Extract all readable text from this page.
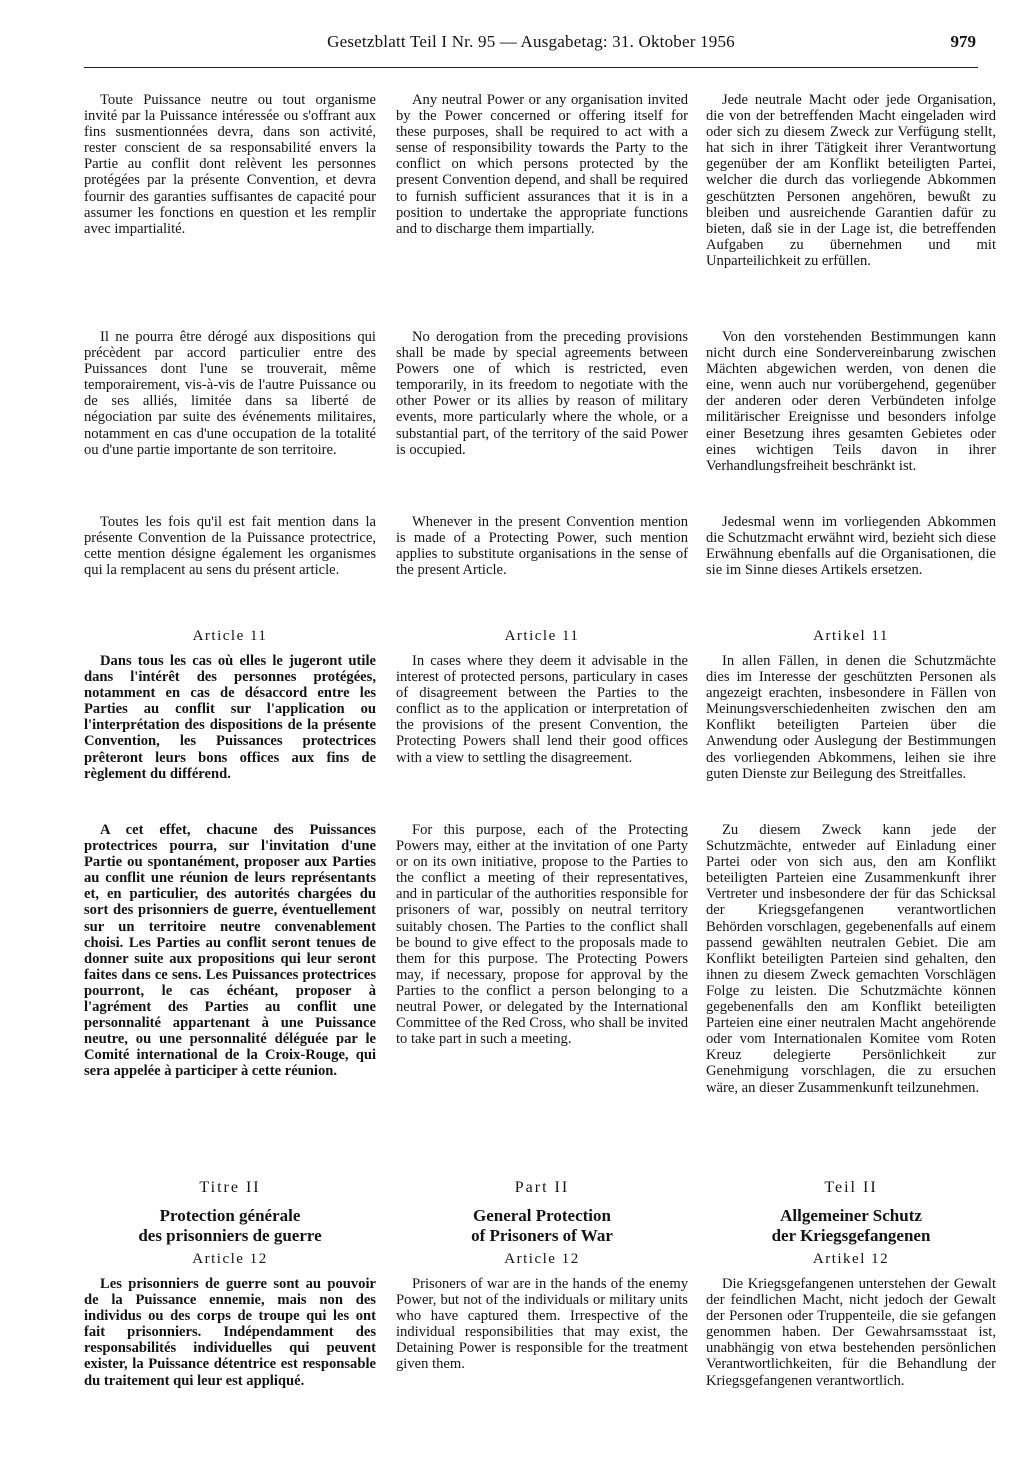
Gesetzblatt Teil I Nr. 95 — Ausgabetag: 31. Oktober 1956	979
Toute Puissance neutre ou tout organisme invité par la Puissance intéressée ou s'offrant aux fins susmentionnées devra, dans son activité, rester conscient de sa responsabilité envers la Partie au conflit dont relèvent les personnes protégées par la présente Convention, et devra fournir des garanties suffisantes de capacité pour assumer les fonctions en question et les remplir avec impartialité.
Il ne pourra être dérogé aux dispositions qui précèdent par accord particulier entre des Puissances dont l'une se trouverait, même temporairement, vis-à-vis de l'autre Puissance ou de ses alliés, limitée dans sa liberté de négociation par suite des événements militaires, notamment en cas d'une occupation de la totalité ou d'une partie importante de son territoire.
Toutes les fois qu'il est fait mention dans la présente Convention de la Puissance protectrice, cette mention désigne également les organismes qui la remplacent au sens du présent article.
Article 11
Dans tous les cas où elles le jugeront utile dans l'intérêt des personnes protégées, notamment en cas de désaccord entre les Parties au conflit sur l'application ou l'interprétation des dispositions de la présente Convention, les Puissances protectrices prêteront leurs bons offices aux fins de règlement du différend.
A cet effet, chacune des Puissances protectrices pourra, sur l'invitation d'une Partie ou spontanément, proposer aux Parties au conflit une réunion de leurs représentants et, en particulier, des autorités chargées du sort des prisonniers de guerre, éventuellement sur un territoire neutre convenablement choisi. Les Parties au conflit seront tenues de donner suite aux propositions qui leur seront faites dans ce sens. Les Puissances protectrices pourront, le cas échéant, proposer à l'agrément des Parties au conflit une personnalité appartenant à une Puissance neutre, ou une personnalité déléguée par le Comité international de la Croix-Rouge, qui sera appelée à participer à cette réunion.
Titre II
Protection générale
des prisonniers de guerre
Article 12
Les prisonniers de guerre sont au pouvoir de la Puissance ennemie, mais non des individus ou des corps de troupe qui les ont fait prisonniers. Indépendamment des responsabilités individuelles qui peuvent exister, la Puissance détentrice est responsable du traitement qui leur est appliqué.
Any neutral Power or any organisation invited by the Power concerned or offering itself for these purposes, shall be required to act with a sense of responsibility towards the Party to the conflict on which persons protected by the present Convention depend, and shall be required to furnish sufficient assurances that it is in a position to undertake the appropriate functions and to discharge them impartially.
No derogation from the preceding provisions shall be made by special agreements between Powers one of which is restricted, even temporarily, in its freedom to negotiate with the other Power or its allies by reason of military events, more particularly where the whole, or a substantial part, of the territory of the said Power is occupied.
Whenever in the present Convention mention is made of a Protecting Power, such mention applies to substitute organisations in the sense of the present Article.
Article 11
In cases where they deem it advisable in the interest of protected persons, particulary in cases of disagreement between the Parties to the conflict as to the application or interpretation of the provisions of the present Convention, the Protecting Powers shall lend their good offices with a view to settling the disagreement.
For this purpose, each of the Protecting Powers may, either at the invitation of one Party or on its own initiative, propose to the Parties to the conflict a meeting of their representatives, and in particular of the authorities responsible for prisoners of war, possibly on neutral territory suitably chosen. The Parties to the conflict shall be bound to give effect to the proposals made to them for this purpose. The Protecting Powers may, if necessary, propose for approval by the Parties to the conflict a person belonging to a neutral Power, or delegated by the International Committee of the Red Cross, who shall be invited to take part in such a meeting.
Part II
General Protection
of Prisoners of War
Article 12
Prisoners of war are in the hands of the enemy Power, but not of the individuals or military units who have captured them. Irrespective of the individual responsibilities that may exist, the Detaining Power is responsible for the treatment given them.
Jede neutrale Macht oder jede Organisation, die von der betreffenden Macht eingeladen wird oder sich zu diesem Zweck zur Verfügung stellt, hat sich in ihrer Tätigkeit ihrer Verantwortung gegenüber der am Konflikt beteiligten Partei, welcher die durch das vorliegende Abkommen geschützten Personen angehören, bewußt zu bleiben und ausreichende Garantien dafür zu bieten, daß sie in der Lage ist, die betreffenden Aufgaben zu übernehmen und mit Unparteilichkeit zu erfüllen.
Von den vorstehenden Bestimmungen kann nicht durch eine Sondervereinbarung zwischen Mächten abgewichen werden, von denen die eine, wenn auch nur vorübergehend, gegenüber der anderen oder deren Verbündeten infolge militärischer Ereignisse und besonders infolge einer Besetzung ihres gesamten Gebietes oder eines wichtigen Teils davon in ihrer Verhandlungsfreiheit beschränkt ist.
Jedesmal wenn im vorliegenden Abkommen die Schutzmacht erwähnt wird, bezieht sich diese Erwähnung ebenfalls auf die Organisationen, die sie im Sinne dieses Artikels ersetzen.
Artikel 11
In allen Fällen, in denen die Schutzmächte dies im Interesse der geschützten Personen als angezeigt erachten, insbesondere in Fällen von Meinungsverschiedenheiten zwischen den am Konflikt beteiligten Parteien über die Anwendung oder Auslegung der Bestimmungen des vorliegenden Abkommens, leihen sie ihre guten Dienste zur Beilegung des Streitfalles.
Zu diesem Zweck kann jede der Schutzmächte, entweder auf Einladung einer Partei oder von sich aus, den am Konflikt beteiligten Parteien eine Zusammenkunft ihrer Vertreter und insbesondere der für das Schicksal der Kriegsgefangenen verantwortlichen Behörden vorschlagen, gegebenenfalls auf einem passend gewählten neutralen Gebiet. Die am Konflikt beteiligten Parteien sind gehalten, den ihnen zu diesem Zweck gemachten Vorschlägen Folge zu leisten. Die Schutzmächte können gegebenenfalls den am Konflikt beteiligten Parteien eine einer neutralen Macht angehörende oder vom Internationalen Komitee vom Roten Kreuz delegierte Persönlichkeit zur Genehmigung vorschlagen, die zu ersuchen wäre, an dieser Zusammenkunft teilzunehmen.
Teil II
Allgemeiner Schutz
der Kriegsgefangenen
Artikel 12
Die Kriegsgefangenen unterstehen der Gewalt der feindlichen Macht, nicht jedoch der Gewalt der Personen oder Truppenteile, die sie gefangen genommen haben. Der Gewahrsamsstaat ist, unabhängig von etwa bestehenden persönlichen Verantwortlichkeiten, für die Behandlung der Kriegsgefangenen verantwortlich.
